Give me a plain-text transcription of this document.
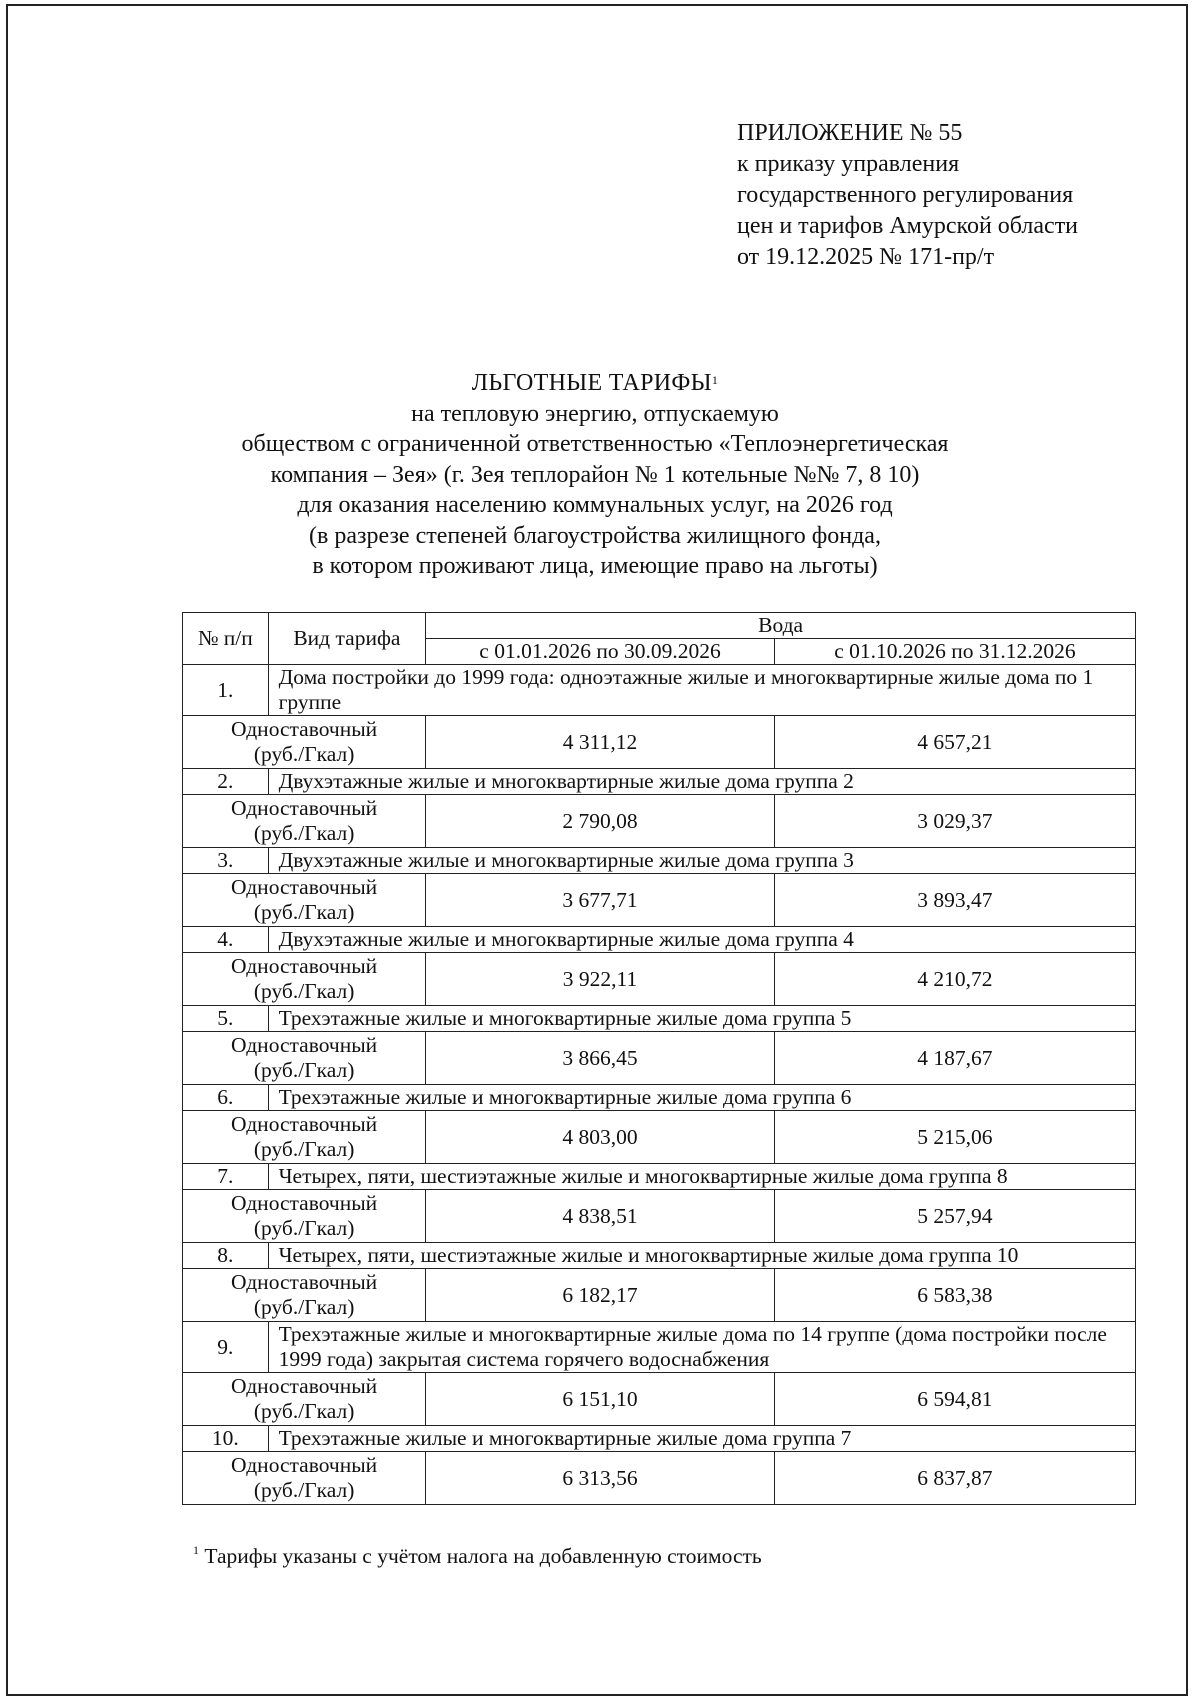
ПРИЛОЖЕНИЕ № 55
к приказу управления
государственного регулирования
цен и тарифов Амурской области
от 19.12.2025 № 171-пр/т
ЛЬГОТНЫЕ ТАРИФЫ$^1$
на тепловую энергию, отпускаемую
обществом с ограниченной ответственностью «Теплоэнергетическая
компания – Зея» (г. Зея теплорайон № 1 котельные №№ 7, 8 10)
для оказания населению коммунальных услуг, на 2026 год
(в разрезе степеней благоустройства жилищного фонда,
в котором проживают лица, имеющие право на льготы)
№ п/п	Вид тарифа	Вода	
		с 01.01.2026 по 30.09.2026	с 01.10.2026 по 31.12.2026
1.	Дома постройки до 1999 года: одноэтажные жилые и многоквартирные жилые дома по 1 группе		

Одноставочный
(руб./Гкал)		4 311,12	4 657,21
2.	Двухэтажные жилые и многоквартирные жилые дома группа 2		

Одноставочный
(руб./Гкал)		2 790,08	3 029,37
3.	Двухэтажные жилые и многоквартирные жилые дома группа 3		

Одноставочный
(руб./Гкал)		3 677,71	3 893,47
4.	Двухэтажные жилые и многоквартирные жилые дома группа 4		

Одноставочный
(руб./Гкал)		3 922,11	4 210,72
5.	Трехэтажные жилые и многоквартирные жилые дома группа 5		

Одноставочный
(руб./Гкал)		3 866,45	4 187,67
6.	Трехэтажные жилые и многоквартирные жилые дома группа 6		

Одноставочный
(руб./Гкал)		4 803,00	5 215,06
7.	Четырех, пяти, шестиэтажные жилые и многоквартирные жилые дома группа 8		

Одноставочный
(руб./Гкал)		4 838,51	5 257,94
8.	Четырех, пяти, шестиэтажные жилые и многоквартирные жилые дома группа 10		

Одноставочный
(руб./Гкал)		6 182,17	6 583,38
9.	Трехэтажные жилые и многоквартирные жилые дома по 14 группе (дома постройки после 1999 года) закрытая система горячего водоснабжения		

Одноставочный
(руб./Гкал)		6 151,10	6 594,81
10.	Трехэтажные жилые и многоквартирные жилые дома группа 7		

Одноставочный
(руб./Гкал)		6 313,56	6 837,87
$^1$ Тарифы указаны с учётом налога на добавленную стоимость
